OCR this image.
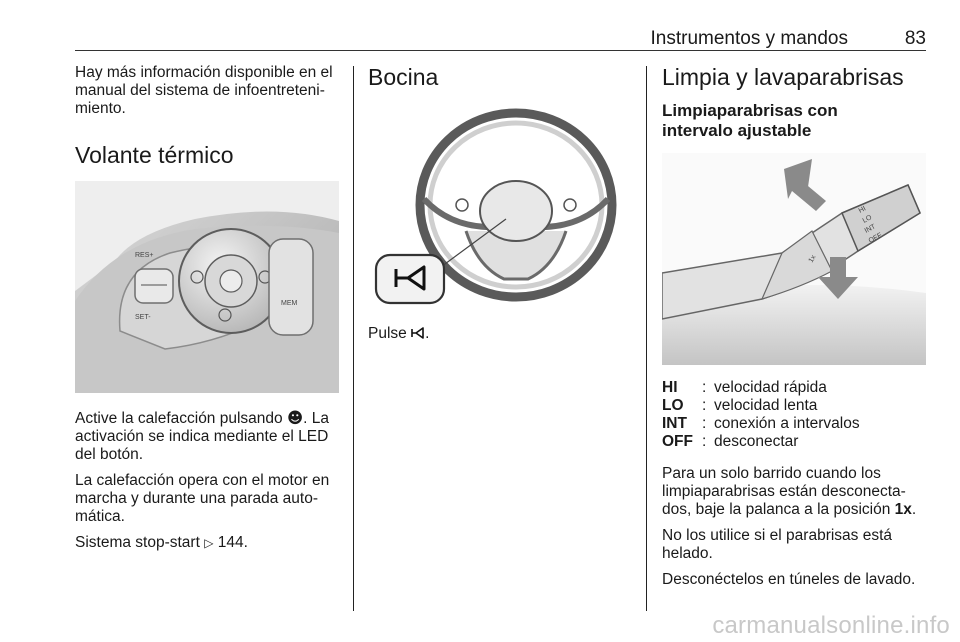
Instrumentos y mandos	83

Hay más información disponible en el manual del sistema de infoentreteni-miento.

Volante térmico
RES+
SET-
MEM

Active la calefacción pulsando ☻. La activación se indica mediante el LED del botón.

La calefacción opera con el motor en marcha y durante una parada auto-mática.

Sistema stop-start ▷ 144.

Bocina

Pulse .

Limpia y lavaparabrisas
Limpiaparabrisas con intervalo ajustable
HI
LO
INT
OFF
1x
HI	:	velocidad rápida
LO	:	velocidad lenta
INT	:	conexión a intervalos
OFF	:	desconectar

Para un solo barrido cuando los limpiaparabrisas están desconecta-dos, baje la palanca a la posición 1x.

No los utilice si el parabrisas está helado.

Desconéctelos en túneles de lavado.

carmanualsonline.info
